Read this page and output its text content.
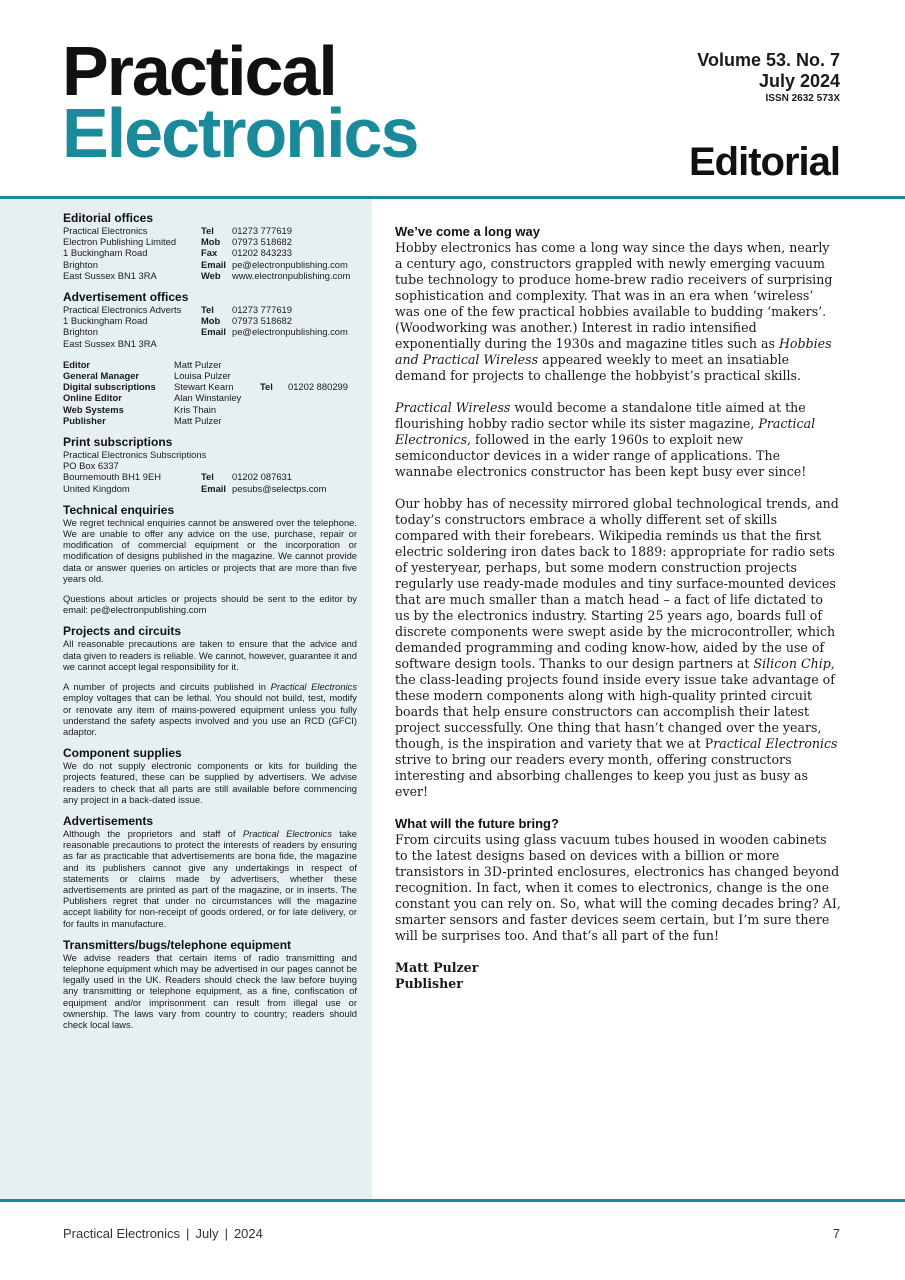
Practical
Electronics
Volume 53. No. 7
July 2024
ISSN 2632 573X
Editorial
Editorial offices
Practical Electronics	Tel	01273 777619
Electron Publishing Limited	Mob	07973 518682
1 Buckingham Road	Fax	01202 843233
Brighton	Email pe@electronpublishing.com
East Sussex BN1 3RA	Web	www.electronpublishing.com
Advertisement offices
Practical Electronics Adverts	Tel	01273 777619
1 Buckingham Road	Mob	07973 518682
Brighton	Email pe@electronpublishing.com
East Sussex BN1 3RA
Editor	Matt Pulzer
General Manager	Louisa Pulzer
Digital subscriptions	Stewart Kearn	Tel	01202 880299
Online Editor	Alan Winstanley
Web Systems	Kris Thain
Publisher	Matt Pulzer
Print subscriptions
Practical Electronics Subscriptions
PO Box 6337
Bournemouth BH1 9EH	Tel	01202 087631
United Kingdom	Email pesubs@selectps.com
Technical enquiries

We regret technical enquiries cannot be answered over the telephone. We are unable to offer any advice on the use, purchase, repair or modification of commercial equipment or the incorporation or modification of designs published in the magazine. We cannot provide data or answer queries on articles or projects that are more than five years old.

Questions about articles or projects should be sent to the editor by email: pe@electronpublishing.com

Projects and circuits

All reasonable precautions are taken to ensure that the advice and data given to readers is reliable. We cannot, however, guarantee it and we cannot accept legal responsibility for it.

A number of projects and circuits published in Practical Electronics employ voltages that can be lethal. You should not build, test, modify or renovate any item of mains-powered equipment unless you fully understand the safety aspects involved and you use an RCD (GFCI) adaptor.

Component supplies

We do not supply electronic components or kits for building the projects featured, these can be supplied by advertisers. We advise readers to check that all parts are still available before commencing any project in a back-dated issue.

Advertisements

Although the proprietors and staff of Practical Electronics take reasonable precautions to protect the interests of readers by ensuring as far as practicable that advertisements are bona fide, the magazine and its publishers cannot give any undertakings in respect of statements or claims made by advertisers, whether these advertisements are printed as part of the magazine, or in inserts. The Publishers regret that under no circumstances will the magazine accept liability for non-receipt of goods ordered, or for late delivery, or for faults in manufacture.

Transmitters/bugs/telephone equipment

We advise readers that certain items of radio transmitting and telephone equipment which may be advertised in our pages cannot be legally used in the UK. Readers should check the law before buying any transmitting or telephone equipment, as a fine, confiscation of equipment and/or imprisonment can result from illegal use or ownership. The laws vary from country to country; readers should check local laws.

We’ve come a long way

Hobby electronics has come a long way since the days when, nearly a century ago, constructors grappled with newly emerging vacuum tube technology to produce home-brew radio receivers of surprising sophistication and complexity. That was in an era when ‘wireless’ was one of the few practical hobbies available to budding ‘makers’. (Woodworking was another.) Interest in radio intensified exponentially during the 1930s and magazine titles such as Hobbies and Practical Wireless appeared weekly to meet an insatiable demand for projects to challenge the hobbyist’s practical skills.

Practical Wireless would become a standalone title aimed at the flourishing hobby radio sector while its sister magazine, Practical Electronics, followed in the early 1960s to exploit new semiconductor devices in a wider range of applications. The wannabe electronics constructor has been kept busy ever since!

Our hobby has of necessity mirrored global technological trends, and today’s constructors embrace a wholly different set of skills compared with their forebears. Wikipedia reminds us that the first electric soldering iron dates back to 1889: appropriate for radio sets of yesteryear, perhaps, but some modern construction projects regularly use ready-made modules and tiny surface-mounted devices that are much smaller than a match head – a fact of life dictated to us by the electronics industry. Starting 25 years ago, boards full of discrete components were swept aside by the microcontroller, which demanded programming and coding know-how, aided by the use of software design tools. Thanks to our design partners at Silicon Chip, the class-leading projects found inside every issue take advantage of these modern components along with high-quality printed circuit boards that help ensure constructors can accomplish their latest project successfully. One thing that hasn’t changed over the years, though, is the inspiration and variety that we at Practical Electronics strive to bring our readers every month, offering constructors interesting and absorbing challenges to keep you just as busy as ever!

What will the future bring?

From circuits using glass vacuum tubes housed in wooden cabinets to the latest designs based on devices with a billion or more transistors in 3D-printed enclosures, electronics has changed beyond recognition. In fact, when it comes to electronics, change is the one constant you can rely on. So, what will the coming decades bring? AI, smarter sensors and faster devices seem certain, but I’m sure there will be surprises too. And that’s all part of the fun!

Matt Pulzer
Publisher
Practical Electronics | July | 2024	7
